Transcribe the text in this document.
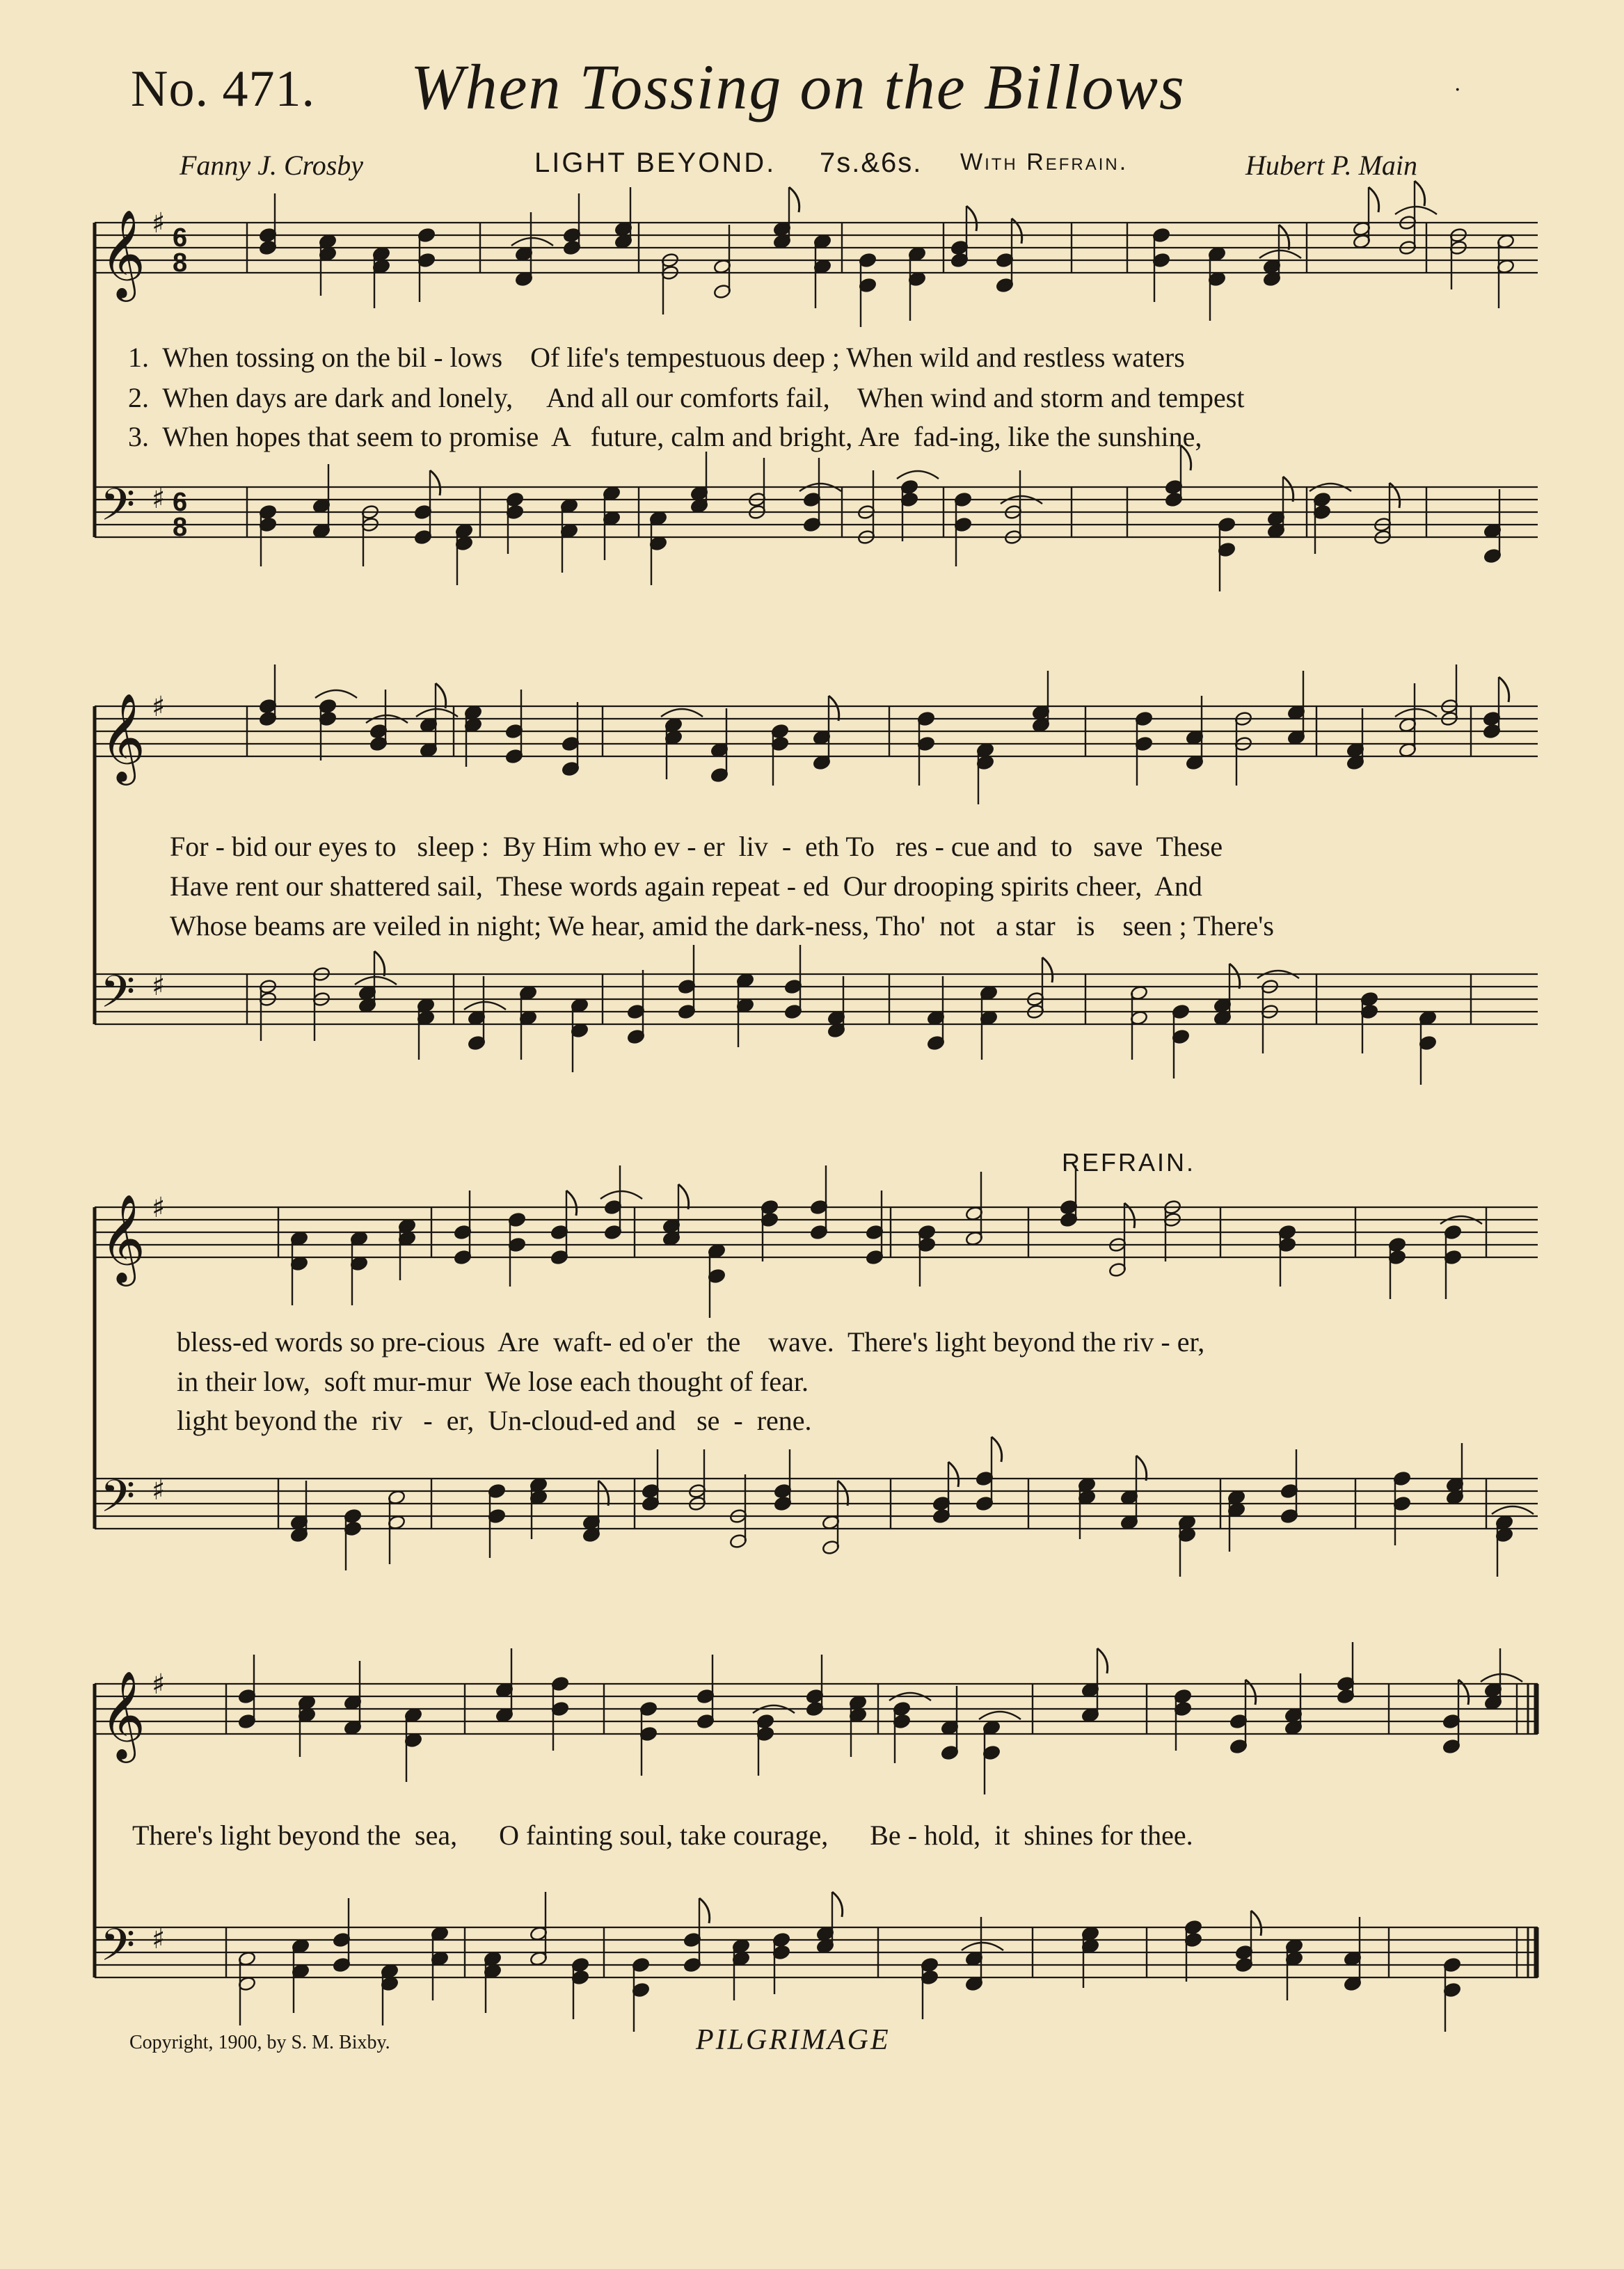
No. 471. When Tossing on the Billows	·
Fanny J. Crosby	LIGHT BEYOND. 7s.&6s. With Refrain.	Hubert P. Main
𝄞 ♯ 6
8
𝄢 ♯ 6
8
𝄞 ♯
𝄢 ♯
𝄞 ♯
𝄢 ♯
𝄞 ♯
𝄢 ♯
1.  When tossing on the bil - lows    Of life's tempestuous deep ; When wild and restless waters
2.  When days are dark and lonely,     And all our comforts fail,    When wind and storm and tempest
3.  When hopes that seem to promise  A   future, calm and bright, Are  fad-ing, like the sunshine,
For - bid our eyes to   sleep :  By Him who ev - er  liv  -  eth To   res - cue and  to   save  These
Have rent our shattered sail,  These words again repeat - ed  Our drooping spirits cheer,  And
Whose beams are veiled in night; We hear, amid the dark-ness, Tho'  not   a star   is    seen ; There's
REFRAIN.
bless-ed words so pre-cious  Are  waft- ed o'er  the    wave.  There's light beyond the riv - er,
in their low,  soft mur-mur  We lose each thought of fear.
light beyond the  riv   -  er,  Un-cloud-ed and   se  -  rene.
There's light beyond the  sea,      O fainting soul, take courage,      Be - hold,  it  shines for thee.
Copyright, 1900, by S. M. Bixby.	PILGRIMAGE
